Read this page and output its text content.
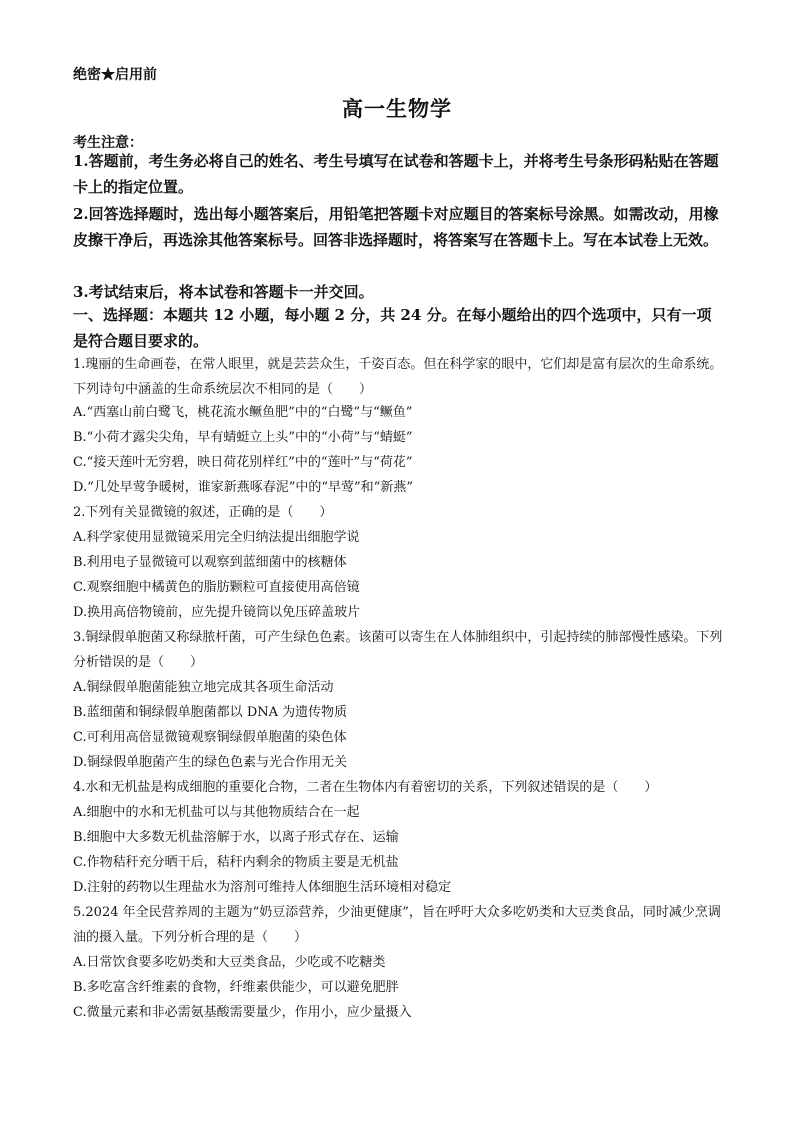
绝密★启用前
高一生物学
考生注意：
1.答题前，考生务必将自己的姓名、考生号填写在试卷和答题卡上，并将考生号条形码粘贴在答题卡上的指定位置。
2.回答选择题时，选出每小题答案后，用铅笔把答题卡对应题目的答案标号涂黑。如需改动，用橡皮擦干净后，再选涂其他答案标号。回答非选择题时，将答案写在答题卡上。写在本试卷上无效。
3.考试结束后，将本试卷和答题卡一并交回。
一、选择题：本题共 12 小题，每小题 2 分，共 24 分。在每小题给出的四个选项中，只有一项是符合题目要求的。
1.瑰丽的生命画卷，在常人眼里，就是芸芸众生，千姿百态。但在科学家的眼中，它们却是富有层次的生命系统。下列诗句中涵盖的生命系统层次不相同的是（　　）
A.“西塞山前白鹭飞，桃花流水鳜鱼肥”中的“白鹭”与“鳜鱼”
B.“小荷才露尖尖角，早有蜻蜓立上头”中的“小荷”与“蜻蜓”
C.“接天莲叶无穷碧，映日荷花别样红”中的“莲叶”与“荷花”
D.“几处早莺争暖树，谁家新燕啄春泥”中的“早莺”和“新燕”
2.下列有关显微镜的叙述，正确的是（　　）
A.科学家使用显微镜采用完全归纳法提出细胞学说
B.利用电子显微镜可以观察到蓝细菌中的核糖体
C.观察细胞中橘黄色的脂肪颗粒可直接使用高倍镜
D.换用高倍物镜前，应先提升镜筒以免压碎盖玻片
3.铜绿假单胞菌又称绿脓杆菌，可产生绿色色素。该菌可以寄生在人体肺组织中，引起持续的肺部慢性感染。下列分析错误的是（　　）
A.铜绿假单胞菌能独立地完成其各项生命活动
B.蓝细菌和铜绿假单胞菌都以 DNA 为遗传物质
C.可利用高倍显微镜观察铜绿假单胞菌的染色体
D.铜绿假单胞菌产生的绿色色素与光合作用无关
4.水和无机盐是构成细胞的重要化合物，二者在生物体内有着密切的关系，下列叙述错误的是（　　）
A.细胞中的水和无机盐可以与其他物质结合在一起
B.细胞中大多数无机盐溶解于水，以离子形式存在、运输
C.作物秸秆充分晒干后，秸秆内剩余的物质主要是无机盐
D.注射的药物以生理盐水为溶剂可维持人体细胞生活环境相对稳定
5.2024 年全民营养周的主题为“奶豆添营养，少油更健康”，旨在呼吁大众多吃奶类和大豆类食品，同时减少烹调油的摄入量。下列分析合理的是（　　）
A.日常饮食要多吃奶类和大豆类食品，少吃或不吃糖类
B.多吃富含纤维素的食物，纤维素供能少，可以避免肥胖
C.微量元素和非必需氨基酸需要量少，作用小，应少量摄入
